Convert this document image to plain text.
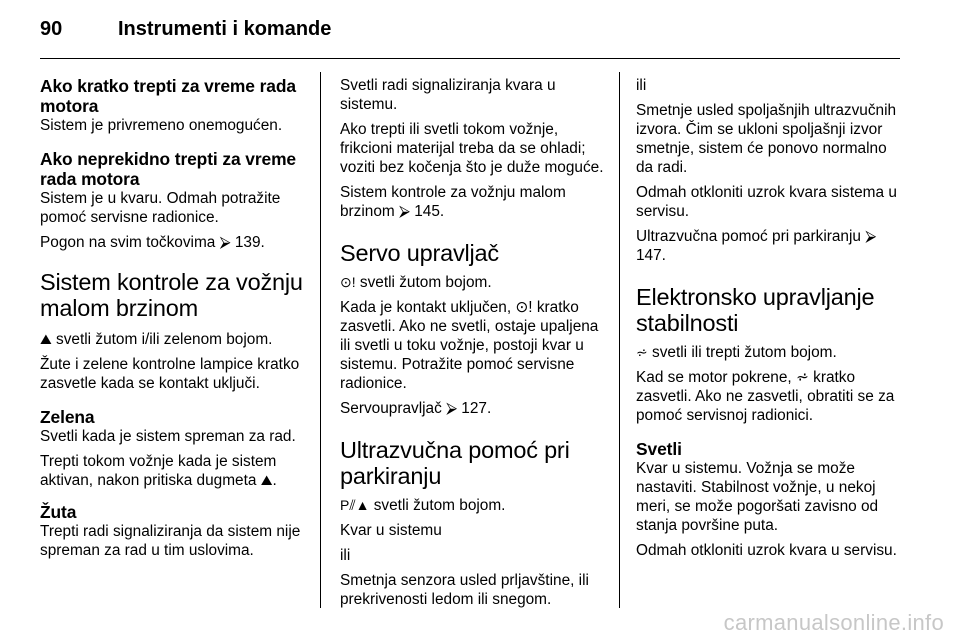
90	Instrumenti i komande
Ako kratko trepti za vreme rada motora

Sistem je privremeno onemogućen.

Ako neprekidno trepti za vreme rada motora

Sistem je u kvaru. Odmah potražite pomoć servisne radionice.

Pogon na svim točkovima ⮚ 139.

Sistem kontrole za vožnju malom brzinom

⛰ svetli žutom i/ili zelenom bojom.

Žute i zelene kontrolne lampice kratko zasvetle kada se kontakt uključi.

Zelena

Svetli kada je sistem spreman za rad.

Trepti tokom vožnje kada je sistem aktivan, nakon pritiska dugmeta ⛰.

Žuta

Trepti radi signaliziranja da sistem nije spreman za rad u tim uslovima.

Svetli radi signaliziranja kvara u sistemu.

Ako trepti ili svetli tokom vožnje, frikcioni materijal treba da se ohladi; voziti bez kočenja što je duže moguće.

Sistem kontrole za vožnju malom brzinom ⮚ 145.

Servo upravljač

⊙! svetli žutom bojom.

Kada je kontakt uključen, ⊙! kratko zasvetli. Ako ne svetli, ostaje upaljena ili svetli u toku vožnje, postoji kvar u sistemu. Potražite pomoć servisne radionice.

Servoupravljač ⮚ 127.

Ultrazvučna pomoć pri parkiranju

P⫽▲ svetli žutom bojom.

Kvar u sistemu

ili

Smetnja senzora usled prljavštine, ili prekrivenosti ledom ili snegom.

ili

Smetnje usled spoljašnjih ultrazvučnih izvora. Čim se ukloni spoljašnji izvor smetnje, sistem će ponovo normalno da radi.

Odmah otkloniti uzrok kvara sistema u servisu.

Ultrazvučna pomoć pri parkiranju ⮚ 147.

Elektronsko upravljanje stabilnosti

⩫ svetli ili trepti žutom bojom.

Kad se motor pokrene, ⩫ kratko zasvetli. Ako ne zasvetli, obratiti se za pomoć servisnoj radionici.

Svetli

Kvar u sistemu. Vožnja se može nastaviti. Stabilnost vožnje, u nekoj meri, se može pogoršati zavisno od stanja površine puta.

Odmah otkloniti uzrok kvara u servisu.

carmanualsonline.info
